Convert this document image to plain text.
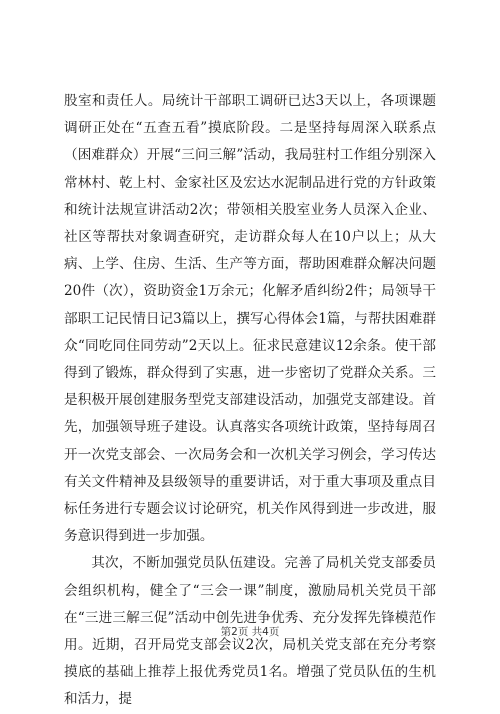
股室和责任人。局统计干部职工调研已达3天以上，各项课题调研正处在“五查五看”摸底阶段。二是坚持每周深入联系点（困难群众）开展“三问三解”活动，我局驻村工作组分别深入常林村、乾上村、金家社区及宏达水泥制品进行党的方针政策和统计法规宣讲活动2次；带领相关股室业务人员深入企业、社区等帮扶对象调查研究，走访群众每人在10户以上；从大病、上学、住房、生活、生产等方面，帮助困难群众解决问题20件（次），资助资金1万余元；化解矛盾纠纷2件；局领导干部职工记民情日记3篇以上，撰写心得体会1篇，与帮扶困难群众“同吃同住同劳动”2天以上。征求民意建议12余条。使干部得到了锻炼，群众得到了实惠，进一步密切了党群众关系。三是积极开展创建服务型党支部建设活动，加强党支部建设。首先，加强领导班子建设。认真落实各项统计政策，坚持每周召开一次党支部会、一次局务会和一次机关学习例会，学习传达有关文件精神及县级领导的重要讲话，对于重大事项及重点目标任务进行专题会议讨论研究，机关作风得到进一步改进，服务意识得到进一步加强。

其次，不断加强党员队伍建设。完善了局机关党支部委员会组织机构，健全了“三会一课”制度，激励局机关党员干部在“三进三解三促”活动中创先进争优秀、充分发挥先锋模范作用。近期，召开局党支部会议2次，局机关党支部在充分考察摸底的基础上推荐上报优秀党员1名。增强了党员队伍的生机和活力，提

第2页 共4页
